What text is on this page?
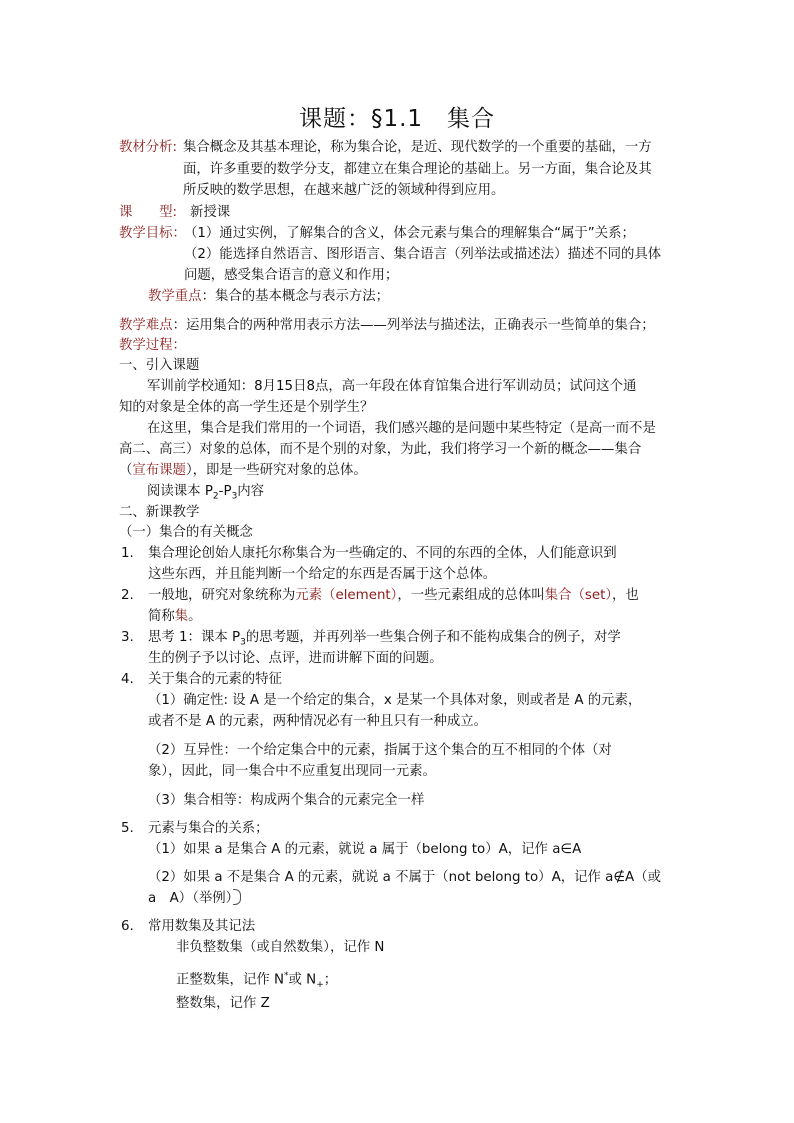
课题：§1.1　集合
教材分析: 集合概念及其基本理论，称为集合论，是近、现代数学的一个重要的基础，一方
面，许多重要的数学分支，都建立在集合理论的基础上。另一方面，集合论及其
所反映的数学思想，在越来越广泛的领域种得到应用。
课　　型: 新授课
教学目标：
（1）通过实例，了解集合的含义，体会元素与集合的理解集合“属于”关系；
（2）能选择自然语言、图形语言、集合语言（列举法或描述法）描述不同的具体
问题，感受集合语言的意义和作用；
教学重点：集合的基本概念与表示方法；
教学难点：运用集合的两种常用表示方法——列举法与描述法，正确表示一些简单的集合；
教学过程：
一、引入课题
军训前学校通知：8月15日8点，高一年段在体育馆集合进行军训动员；试问这个通
知的对象是全体的高一学生还是个别学生？
在这里，集合是我们常用的一个词语，我们感兴趣的是问题中某些特定（是高一而不是
高二、高三）对象的总体，而不是个别的对象，为此，我们将学习一个新的概念——集合
（宣布课题），即是一些研究对象的总体。
阅读课本 $P_2-P_3$内容
二、新课教学
（一）集合的有关概念
1. 集合理论创始人康托尔称集合为一些确定的、不同的东西的全体，人们能意识到
这些东西，并且能判断一个给定的东西是否属于这个总体。
2. 一般地，研究对象统称为元素（element），一些元素组成的总体叫集合（set），也
简称集。
3. 思考 1：课本 $P_3$的思考题，并再列举一些集合例子和不能构成集合的例子，对学
生的例子予以讨论、点评，进而讲解下面的问题。
4. 关于集合的元素的特征
（1）确定性: 设 A 是一个给定的集合，x 是某一个具体对象，则或者是 A 的元素，
或者不是 A 的元素，两种情况必有一种且只有一种成立。
（2）互异性：一个给定集合中的元素，指属于这个集合的互不相同的个体（对
象），因此，同一集合中不应重复出现同一元素。
（3）集合相等：构成两个集合的元素完全一样
5. 元素与集合的关系；
（1）如果 a 是集合 A 的元素，就说 a 属于（belong to）A，记作 a∈A
（2）如果 a 不是集合 A 的元素，就说 a 不属于（not belong to）A，记作 a∉A（或
a　A）（举例）
6. 常用数集及其记法
非负整数集（或自然数集），记作 N
正整数集，记作 N*或 $N_+$；
整数集，记作 Z
